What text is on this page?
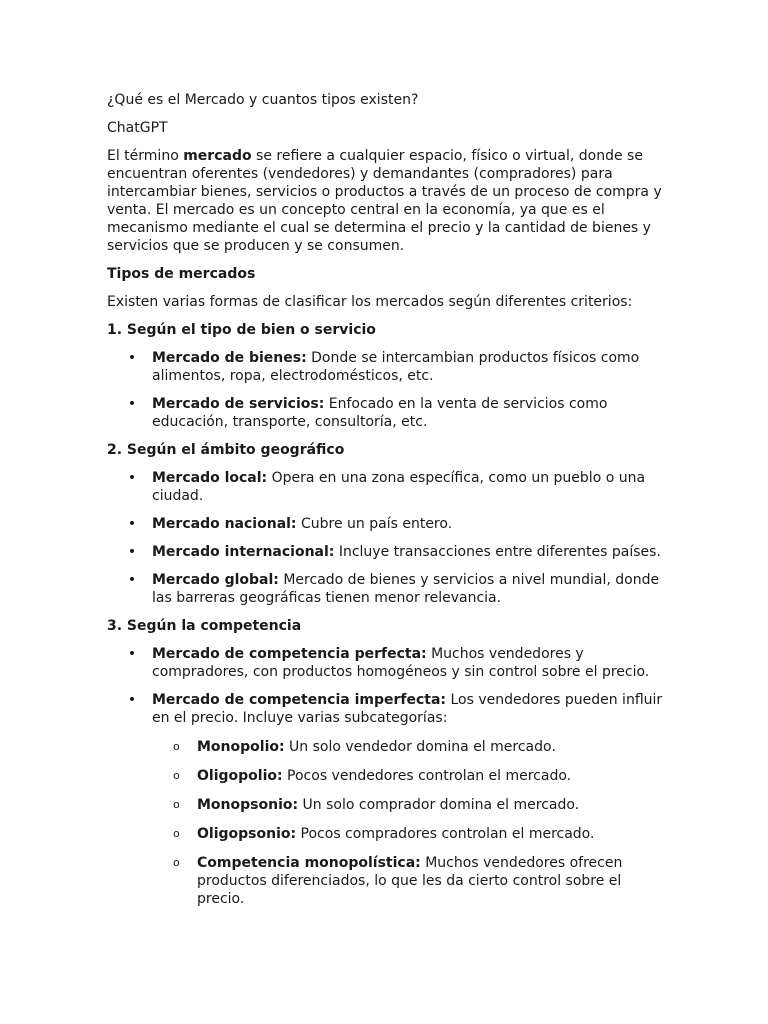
¿Qué es el Mercado y cuantos tipos existen?

ChatGPT

El término mercado se refiere a cualquier espacio, físico o virtual, donde se encuentran oferentes (vendedores) y demandantes (compradores) para intercambiar bienes, servicios o productos a través de un proceso de compra y venta. El mercado es un concepto central en la economía, ya que es el mecanismo mediante el cual se determina el precio y la cantidad de bienes y servicios que se producen y se consumen.

Tipos de mercados

Existen varias formas de clasificar los mercados según diferentes criterios:

1. Según el tipo de bien o servicio

• Mercado de bienes: Donde se intercambian productos físicos como alimentos, ropa, electrodomésticos, etc.
• Mercado de servicios: Enfocado en la venta de servicios como educación, transporte, consultoría, etc.

2. Según el ámbito geográfico

• Mercado local: Opera en una zona específica, como un pueblo o una ciudad.
• Mercado nacional: Cubre un país entero.
• Mercado internacional: Incluye transacciones entre diferentes países.
• Mercado global: Mercado de bienes y servicios a nivel mundial, donde las barreras geográficas tienen menor relevancia.

3. Según la competencia

• Mercado de competencia perfecta: Muchos vendedores y compradores, con productos homogéneos y sin control sobre el precio.
• Mercado de competencia imperfecta: Los vendedores pueden influir en el precio. Incluye varias subcategorías:
o Monopolio: Un solo vendedor domina el mercado.
o Oligopolio: Pocos vendedores controlan el mercado.
o Monopsonio: Un solo comprador domina el mercado.
o Oligopsonio: Pocos compradores controlan el mercado.
o Competencia monopolística: Muchos vendedores ofrecen productos diferenciados, lo que les da cierto control sobre el precio.
